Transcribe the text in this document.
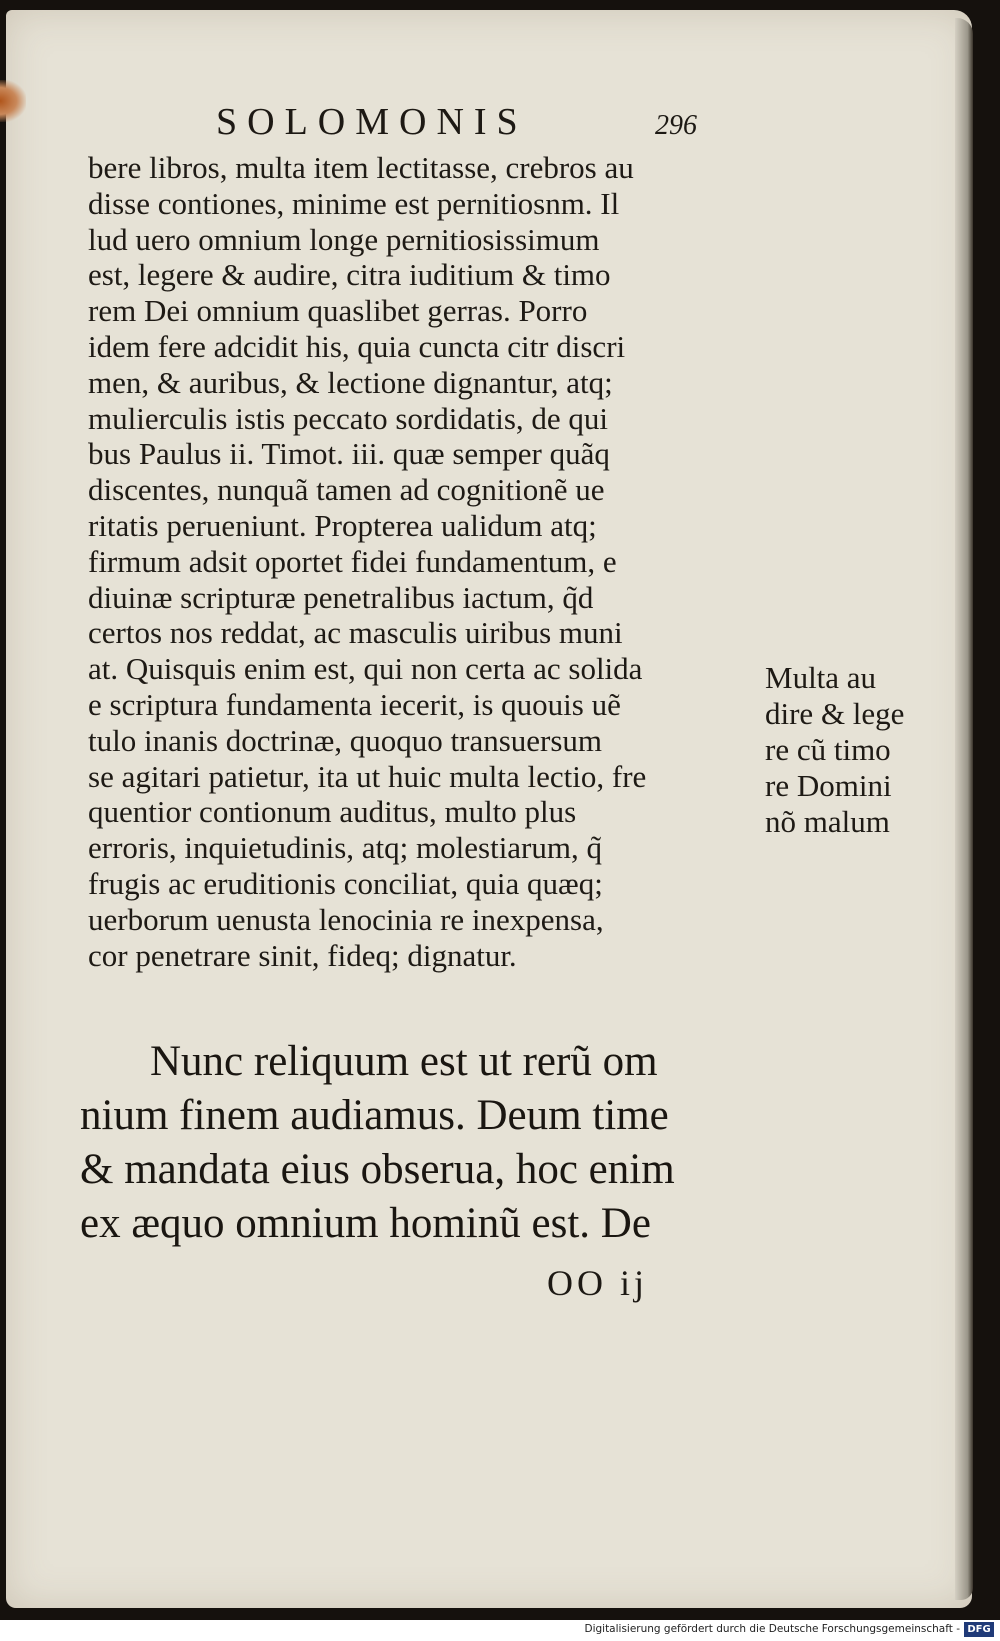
SOLOMONIS	296
bere libros, multa item lectitasse, crebros au
disse contiones, minime est pernitiosnm. Il
lud uero omnium longe pernitiosissimum
est, legere & audire, citra iuditium & timo
rem Dei omnium quaslibet gerras. Porro
idem fere adcidit his, quia cuncta citr discri
men, & auribus, & lectione dignantur, atq;
mulierculis istis peccato sordidatis, de qui
bus Paulus ii. Timot. iii. quæ semper quãq
discentes, nunquã tamen ad cognitionẽ ue
ritatis perueniunt. Propterea ualidum atq;
firmum adsit oportet fidei fundamentum, e
diuinæ scripturæ penetralibus iactum, q̃d
certos nos reddat, ac masculis uiribus muni
at. Quisquis enim est, qui non certa ac solida
e scriptura fundamenta iecerit, is quouis uẽ
tulo inanis doctrinæ, quoquo transuersum
se agitari patietur, ita ut huic multa lectio, fre
quentior contionum auditus, multo plus
erroris, inquietudinis, atq; molestiarum, q̃
frugis ac eruditionis conciliat, quia quæq;
uerborum uenusta lenocinia re inexpensa,
cor penetrare sinit, fideq; dignatur.
Multa au
dire & lege
re cũ timo
re Domini
nõ malum
Nunc reliquum est ut rerũ om
nium finem audiamus. Deum time
& mandata eius obserua, hoc enim
ex æquo omnium hominũ est. De
OO ij
Digitalisierung gefördert durch die Deutsche Forschungsgemeinschaft - DFG
